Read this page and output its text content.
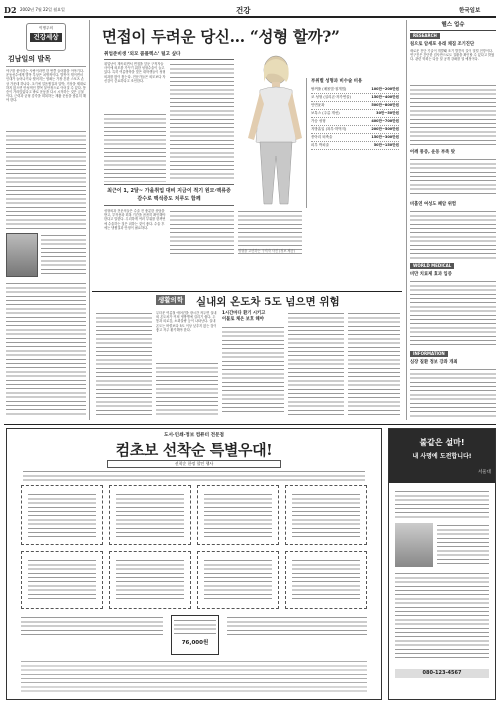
D2 2002년 7월 22일 월요일	건강	한국일보
이명주의
건강세상
김남일의 발목
야구를 좋아하는 사람이라면 한 번쯤 들어봤을 이야기다. 운동선수에게 발목 부상은 치명적이다. 발목이 꺾이면서 인대가 늘어나거나 찢어지는 염좌는 가장 흔한 스포츠 손상 가운데 하나다. 초기에 얼음찜질과 압박, 거상을 제대로 하지 않으면 만성적인 발목 불안정으로 이어질 수 있다. 통증이 가라앉았다고 바로 운동을 다시 시작하는 것은 금물이다. 근력과 균형 감각을 회복하는 재활 운동을 충분히 해야 한다.
면접이 두려운 당신… “성형 할까?”
취업준비생 ‘외모 콤플렉스’ 털고 싶다
취업난이 계속되면서 면접을 앞둔 구직자들 사이에 외모를 가꾸기 위한 성형수술이 늘고 있다. 특히 여름방학을 맞은 대학생들이 성형외과를 많이 찾는다. 전문가들은 외모보다 자신감이 중요하다고 조언한다.
최근이 1, 2달~ 가을취업 대비 지금이 적기 원모·맥류증 감수로 맥석증도 치루도 함께
성형외과 전문의들은 수술 전 충분한 상담을 받고, 부작용과 회복 기간을 꼼꼼히 확인해야 한다고 말한다. 무리하게 여러 부위를 한꺼번에 수술하는 것은 피하는 것이 좋다. 수술 후에는 냉찜질과 안정이 필요하다.
부위별 성형과 비수술 비용
쌍꺼풀 (매몰법·절개법)	100만~200만원
코 성형 (실리콘·자가연골)	150만~400만원
안면윤곽	500만~800만원
보톡스 (주름 개선)	30만~50만원
가슴 성형	400만~700만원
지방흡입 (복부·허벅지)	200만~500만원
종아리 퇴축술	150만~300만원
피부 박피술	50만~150만원
성형을 고민하는 구직자 사진 (정보 제공)
생활의학 실내외 온도차 5도 넘으면 위험
무더운 여름철 에어컨을 장시간 켜두면 실내외 온도차가 커져 냉방병에 걸리기 쉽다. 두통과 피로감, 소화불량 등이 나타난다. 실내 온도는 바깥보다 5도 이상 낮추지 않는 것이 좋고 자주 환기해야 한다.
1시간마다 환기 시키고
이불로 체온 보호 해야
헬스 업슈
RESEARCH
침으로 암세포 유래 채집 조기진단
새로운 진단 기술이 개발돼 조기 발견의 길이 열릴 전망이다. 연구진은 간단한 검사만으로도 질환을 확인할 수 있다고 밝혔다. 관련 학회는 다음 달 공개 강좌를 열 예정이다.
어깨 통증, 운동 부족 탓
비흡연 여성도 폐암 위험
WORLD MEDICAL
비만 치료제 효과 입증
INFORMATION
심장 질환 정보 강좌 개최
도서·인쇄·정보 컴퓨터 전문점
컴초보 선착순 특별우대!
선착순 한정 할인 행사
76,000원
불같은 설마!
내 사명에 도전합니다!
서울대
080-123-4567
